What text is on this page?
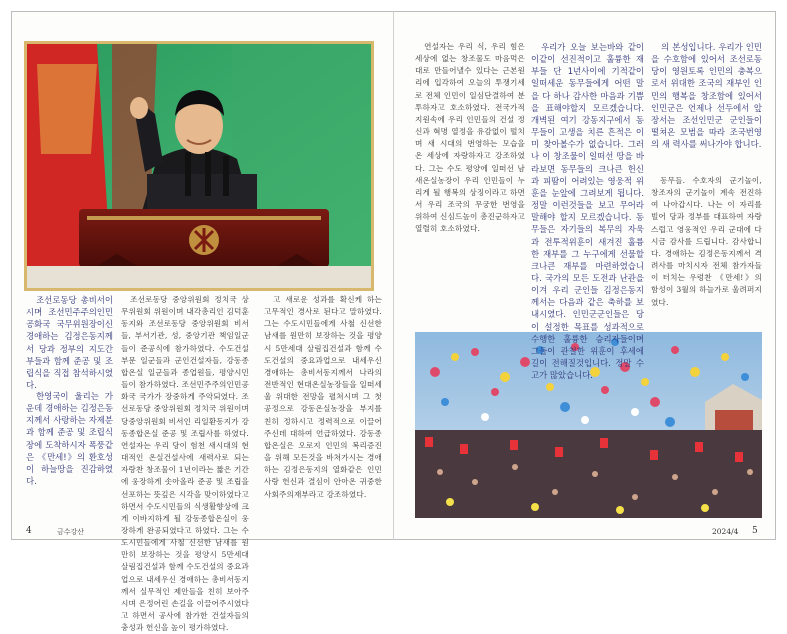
조선로동당 총비서이시며 조선민주주의인민공화국 국무위원장이신 경애하는 김정은동지께서 당과 정부의 지도간부들과 함께 준공 및 조립식을 직접 참석하시였다.

한영국이 울리는 가운데 경애하는 김정은동지께서 사랑하는 자제분과 함께 준공 및 조립식장에 도착하시자 폭풍같은 《만세!》의 환호성이 하늘땅을 진감하였다.

조선로동당 중앙위원회 정치국 상무위원회 위원이며 내각총리인 김덕훈동지와 조선로동당 중앙위원회 비서들, 부서기관, 성, 중앙기관 책임일군들이 준공식에 참가하였다. 수도건설 부문 일군들과 군인건설자들, 강동종합온실 일군들과 종업원들, 평양시민들이 참가하였다. 조선민주주의인민공화국 국가가 장중하게 주악되였다. 조선로동당 중앙위원회 정치국 위원이며 당중앙위원회 비서인 리일환동지가 강동종합온실 준공 및 조립사를 하였다. 연설자는 우리 당이 험천 새시대의 현대적인 온실건설사에 새력사로 되는 자랑찬 창조물이 1년이라는 짧은 기간에 웅장하게 솟아올라 준공 및 조립을 선포하는 뜻깊은 시각을 맞이하였다고 하면서 수도시민들의 식생활향상에 크게 이바지하게 될 강동종합온실이 웅장하게 완공되였다고 하였다. 그는 수도시민들에게 사철 신선한 남새를 원만히 보장하는 것을 평양시 5만세대 살림집건설과 함께 수도건설의 중요과업으로 내세우신 경애하는 총비서동지께서 실무적인 제안들을 친히 보아주시며 은정어린 손길을 이끌어주시였다고 하면서 공사에 참가한 건설자들의 충성과 헌신을 높이 평가하였다.

고 새로운 성과를 확신케 하는 고무적인 경사로 된다고 말하였다. 그는 수도시민들에게 사철 신선한 남새를 원만히 보장하는 것을 평양시 5만세대 살림집건설과 함께 수도건설의 중요과업으로 내세우신 경애하는 총비서동지께서 나라의 전반적인 현대온실농장들을 일떠세울 위대한 전망을 펼쳐시며 그 첫 공정으로 강동온실농장을 부지를 친히 정하시고 정력적으로 이끌어주신데 대하여 언급하였다. 강동종합온실은 오로지 인민의 복리증진을 위해 모든것을 바쳐가시는 경애하는 김정은동지의 열화같은 인민사랑 헌신과 결심이 안아온 귀중한 사회주의재부라고 강조하였다.

연설자는 우리 식, 우리 힘은 세상에 없는 창조물도 마음먹은 대로 만들어낼수 있다는 근본원리에 입각하여 오늘의 투쟁기세로 전체 인민이 일심단결하여 분투하자고 호소하였다. 전국가적 지원속에 우리 인민들의 건설 정신과 혁명 열정을 유감없이 떨치며 새 시대의 번영하는 모습을 온 세상에 자랑하자고 강조하였다. 그는 수도 평양에 일떠선 남새온실농장이 우리 인민들이 누리게 될 행복의 상징이라고 하면서 우리 조국의 무궁한 번영을 위하여 신심드높이 총진군하자고 열렬히 호소하였다.

우리가 오늘 보는바와 같이 이같이 선진적이고 훌륭한 재부들 단 1년사이에 기적같이 일떠세운 동무들에게 어떤 말을 다 하나 감사한 마음과 기쁨을 표해야할지 모르겠습니다. 개벽된 여기 강동지구에서 동무들이 고생을 치른 흔적은 이미 찾아볼수가 없습니다. 그러나 이 창조물이 일떠선 땅을 바라보면 동무들의 크나큰 헌신과 피땀이 어려있는 영웅적 위훈을 눈앞에 그려보게 됩니다. 정말 이런것들을 보고 무어라 말해야 할지 모르겠습니다. 동무들은 자기들의 복무의 자욱과 전투적위훈이 새겨진 훌륭한 재부를 그 누구에게 선물할 크나큰 재부를 마련하였습니다. 국가의 모든 도전과 난관을 이겨 우리 군인들 김정은동지께서는 다음과 같은 축하를 보내시였다. 인민군군인들은 당이 설정한 목표를 성과적으로 수행한 훌륭한 승리자들이며 그들이 관철한 위훈이 후세에 길이 전해질것입니다. 정말 수고가 많았습니다.

의 본성입니다. 우리가 인민을 수호함에 있어서 조선로동당이 영원토록 인민의 충복으로서 위대한 조국의 재부인 인민의 행복을 창조함에 있어서 인민군은 언제나 선두에서 앞장서는 조선인민군 군인들이 떨쳐온 모범을 따라 조국번영의 새 력사를 써나가야 합니다.

동무들. 수호자의 군기놀이, 창조자의 군기놀이 계속 전진하여 나아갑시다. 나는 이 자리를 빌어 당과 정부를 대표하여 자랑스럽고 영웅적인 우리 군대에 다시금 감사를 드립니다. 감사합니다. 경애하는 김정은동지께서 격려사를 마치시자 전체 참가자들이 터치는 우렁찬 《만세!》의 함성이 3월의 하늘가로 울려퍼지였다.

4	금수강산	2024/4 5
